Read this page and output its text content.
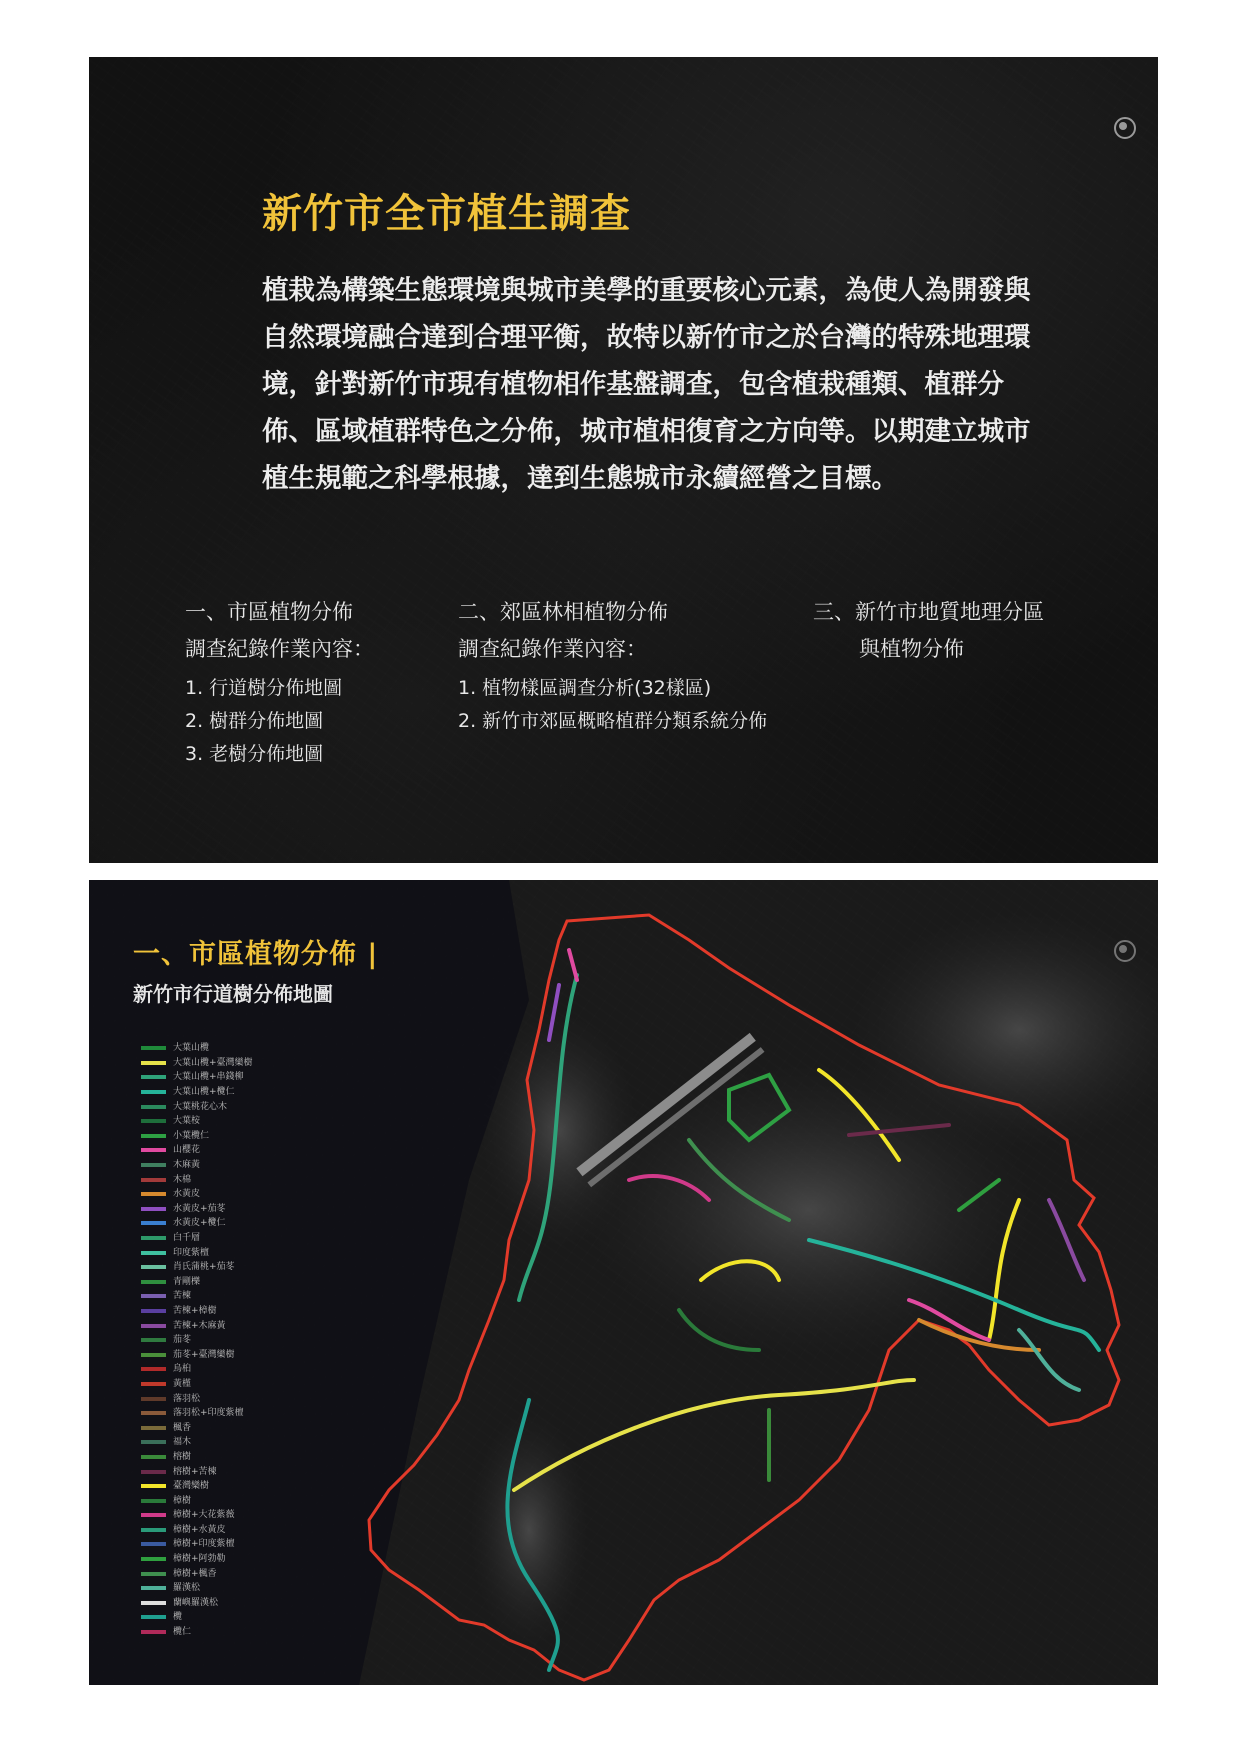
新竹市全市植生調查

植栽為構築生態環境與城市美學的重要核心元素，為使人為開發與自然環境融合達到合理平衡，故特以新竹市之於台灣的特殊地理環境，針對新竹市現有植物相作基盤調查，包含植栽種類、植群分佈、區域植群特色之分佈，城市植相復育之方向等。以期建立城市植生規範之科學根據，達到生態城市永續經營之目標。

一、市區植物分佈

調查紀錄作業內容：

1. 行道樹分佈地圖
2. 樹群分佈地圖
3. 老樹分佈地圖

二、郊區林相植物分佈

調查紀錄作業內容：

1. 植物樣區調查分析(32樣區)
2. 新竹市郊區概略植群分類系統分佈

三、新竹市地質地理分區

與植物分佈

一、市區植物分佈 |

新竹市行道樹分佈地圖

大葉山欖
大葉山欖+臺灣欒樹
大葉山欖+串錢柳
大葉山欖+欖仁
大葉桃花心木
大葉桉
小葉欖仁
山櫻花
木麻黃
木棉
水黃皮
水黃皮+茄苳
水黃皮+欖仁
白千層
印度紫檀
肖氏蒲桃+茄苳
青剛櫟
苦楝
苦楝+樟樹
苦楝+木麻黃
茄苳
茄苳+臺灣欒樹
烏桕
黃槿
落羽松
落羽松+印度紫檀
楓香
福木
榕樹
榕樹+苦楝
臺灣欒樹
樟樹
樟樹+大花紫薇
樟樹+水黃皮
樟樹+印度紫檀
樟樹+阿勃勒
樟樹+楓香
羅漢松
蘭嶼羅漢松
欖
欖仁
